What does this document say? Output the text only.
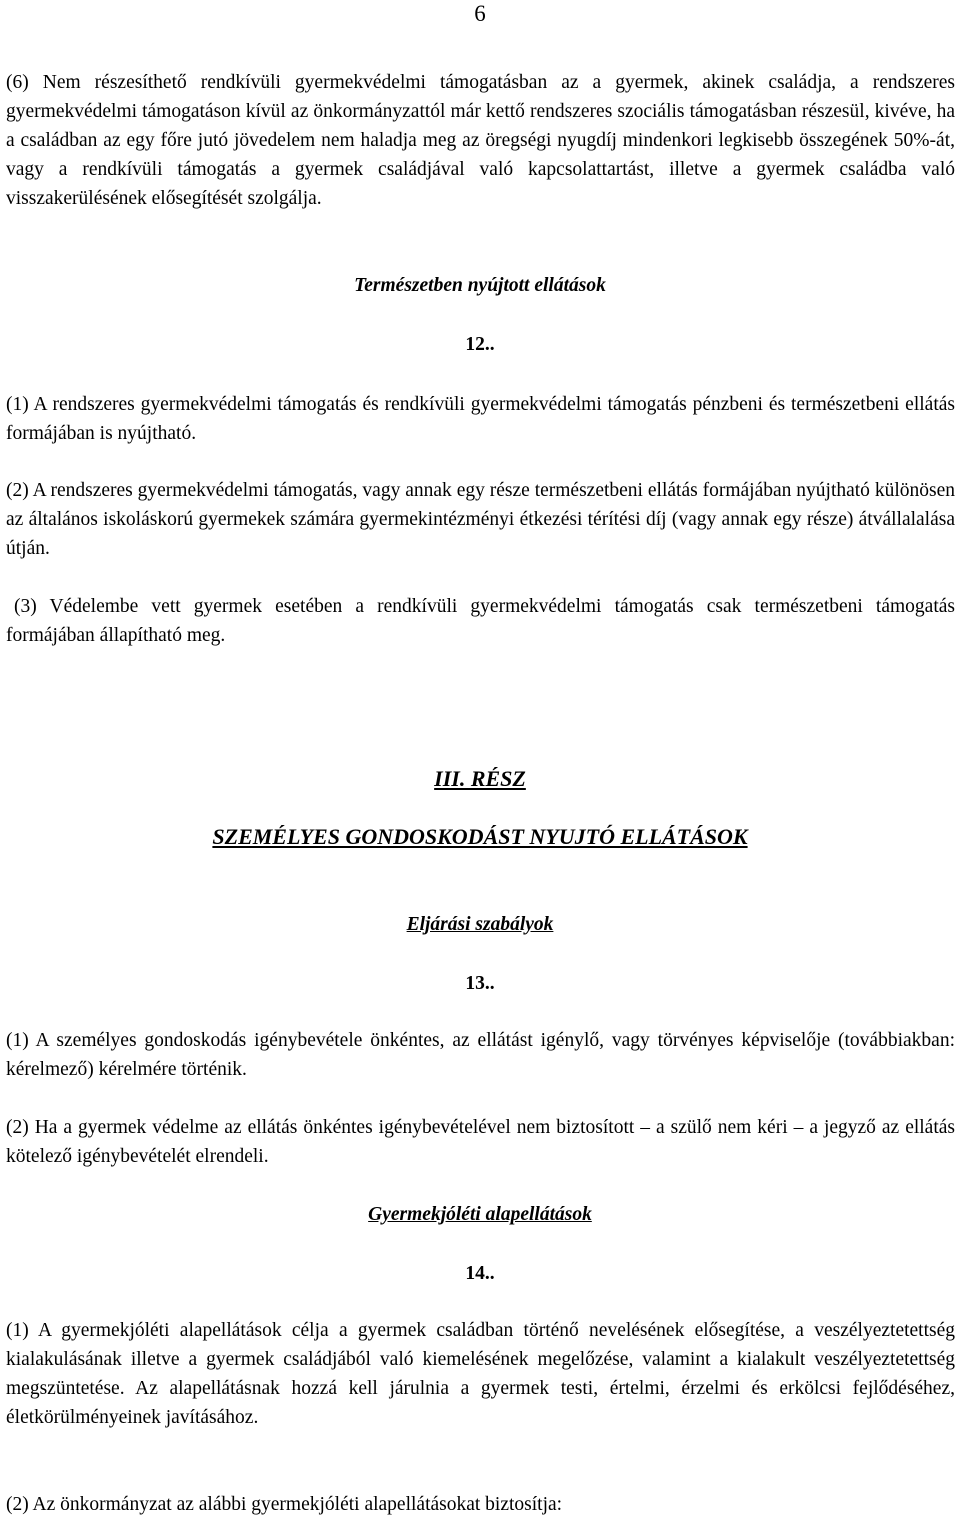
6

(6) Nem részesíthető rendkívüli gyermekvédelmi támogatásban az a gyermek, akinek családja, a rendszeres gyermekvédelmi támogatáson kívül az önkormányzattól már kettő rendszeres szociális támogatásban részesül, kivéve, ha a családban az egy főre jutó jövedelem nem haladja meg az öregségi nyugdíj mindenkori legkisebb összegének 50%-át, vagy a rendkívüli támogatás a gyermek családjával való kapcsolattartást, illetve a gyermek családba való visszakerülésének elősegítését szolgálja.

Természetben nyújtott ellátások

12..

(1) A rendszeres gyermekvédelmi támogatás és rendkívüli gyermekvédelmi támogatás pénzbeni és természetbeni ellátás formájában is nyújtható.

(2) A rendszeres gyermekvédelmi támogatás, vagy annak egy része természetbeni ellátás formájában nyújtható különösen az általános iskoláskorú gyermekek számára gyermekintézményi étkezési térítési díj (vagy annak egy része) átvállalalása útján.

(3) Védelembe vett gyermek esetében a rendkívüli gyermekvédelmi támogatás csak természetbeni támogatás formájában állapítható meg.

III. RÉSZ

SZEMÉLYES GONDOSKODÁST NYUJTÓ ELLÁTÁSOK

Eljárási szabályok

13..

(1) A személyes gondoskodás igénybevétele önkéntes, az ellátást igénylő, vagy törvényes képviselője (továbbiakban: kérelmező) kérelmére történik.

(2) Ha a gyermek védelme az ellátás önkéntes igénybevételével nem biztosított – a szülő nem kéri – a jegyző az ellátás kötelező igénybevételét elrendeli.

Gyermekjóléti alapellátások

14..

(1) A gyermekjóléti alapellátások célja a gyermek családban történő nevelésének elősegítése, a veszélyeztetettség kialakulásának illetve a gyermek családjából való kiemelésének megelőzése, valamint a kialakult veszélyeztetettség megszüntetése. Az alapellátásnak hozzá kell járulnia a gyermek testi, értelmi, érzelmi és erkölcsi fejlődéséhez, életkörülményeinek javításához.

(2) Az önkormányzat az alábbi gyermekjóléti alapellátásokat biztosítja:
